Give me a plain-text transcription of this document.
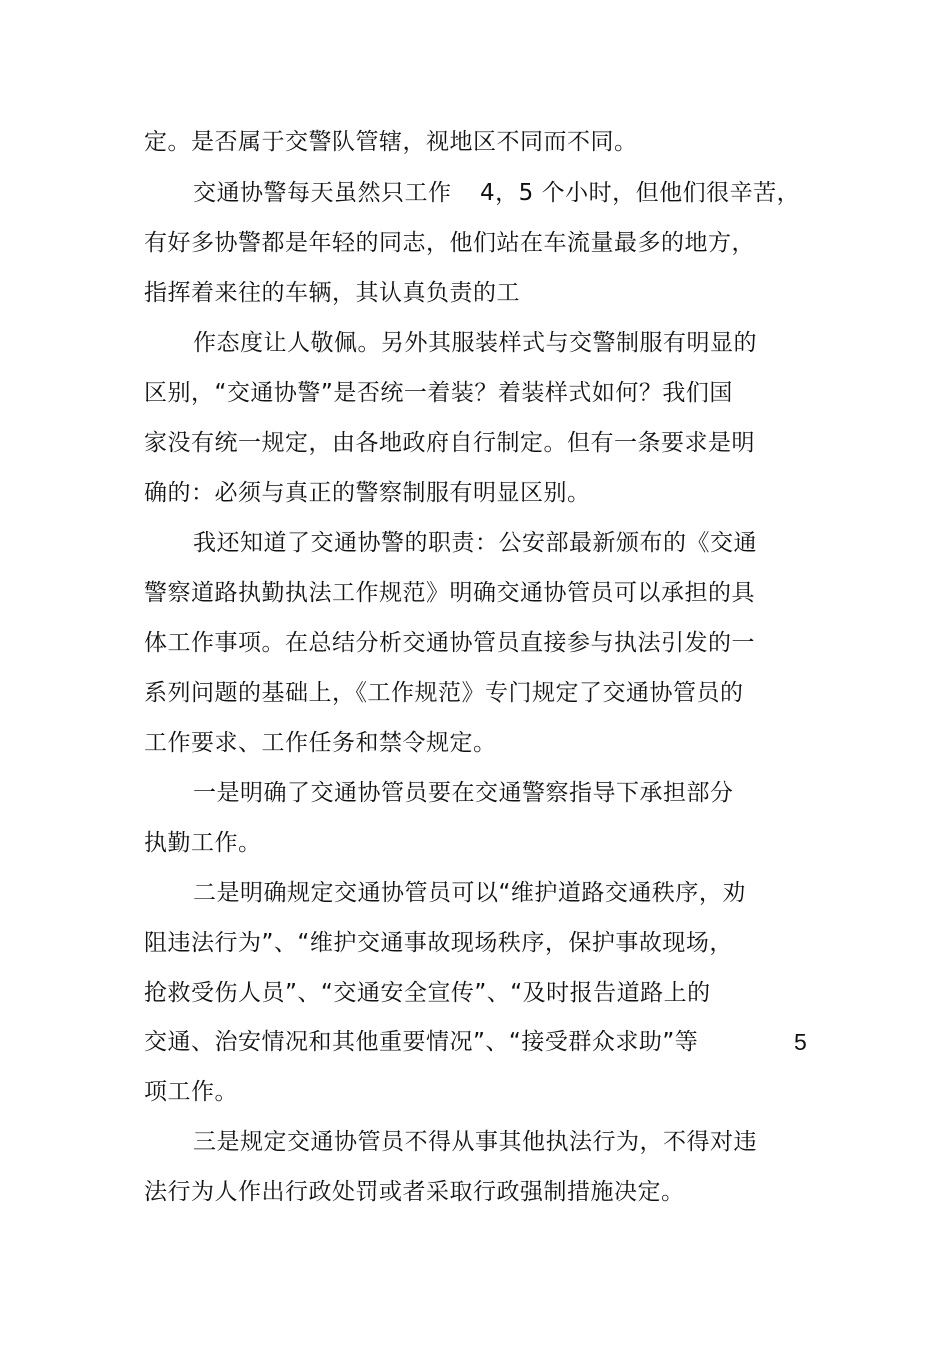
定。是否属于交警队管辖，视地区不同而不同。
交通协警每天虽然只工作 4，5 个小时，但他们很辛苦，
有好多协警都是年轻的同志，他们站在车流量最多的地方，
指挥着来往的车辆，其认真负责的工
作态度让人敬佩。另外其服装样式与交警制服有明显的
区别，“交通协警”是否统一着装？着装样式如何？我们国
家没有统一规定，由各地政府自行制定。但有一条要求是明
确的：必须与真正的警察制服有明显区别。
我还知道了交通协警的职责：公安部最新颁布的《交通
警察道路执勤执法工作规范》明确交通协管员可以承担的具
体工作事项。在总结分析交通协管员直接参与执法引发的一
系列问题的基础上，《工作规范》专门规定了交通协管员的
工作要求、工作任务和禁令规定。
一是明确了交通协管员要在交通警察指导下承担部分
执勤工作。
二是明确规定交通协管员可以“维护道路交通秩序，劝
阻违法行为”、“维护交通事故现场秩序，保护事故现场，
抢救受伤人员”、“交通安全宣传”、“及时报告道路上的
交通、治安情况和其他重要情况”、“接受群众求助”等	5
项工作。
三是规定交通协管员不得从事其他执法行为，不得对违
法行为人作出行政处罚或者采取行政强制措施决定。
